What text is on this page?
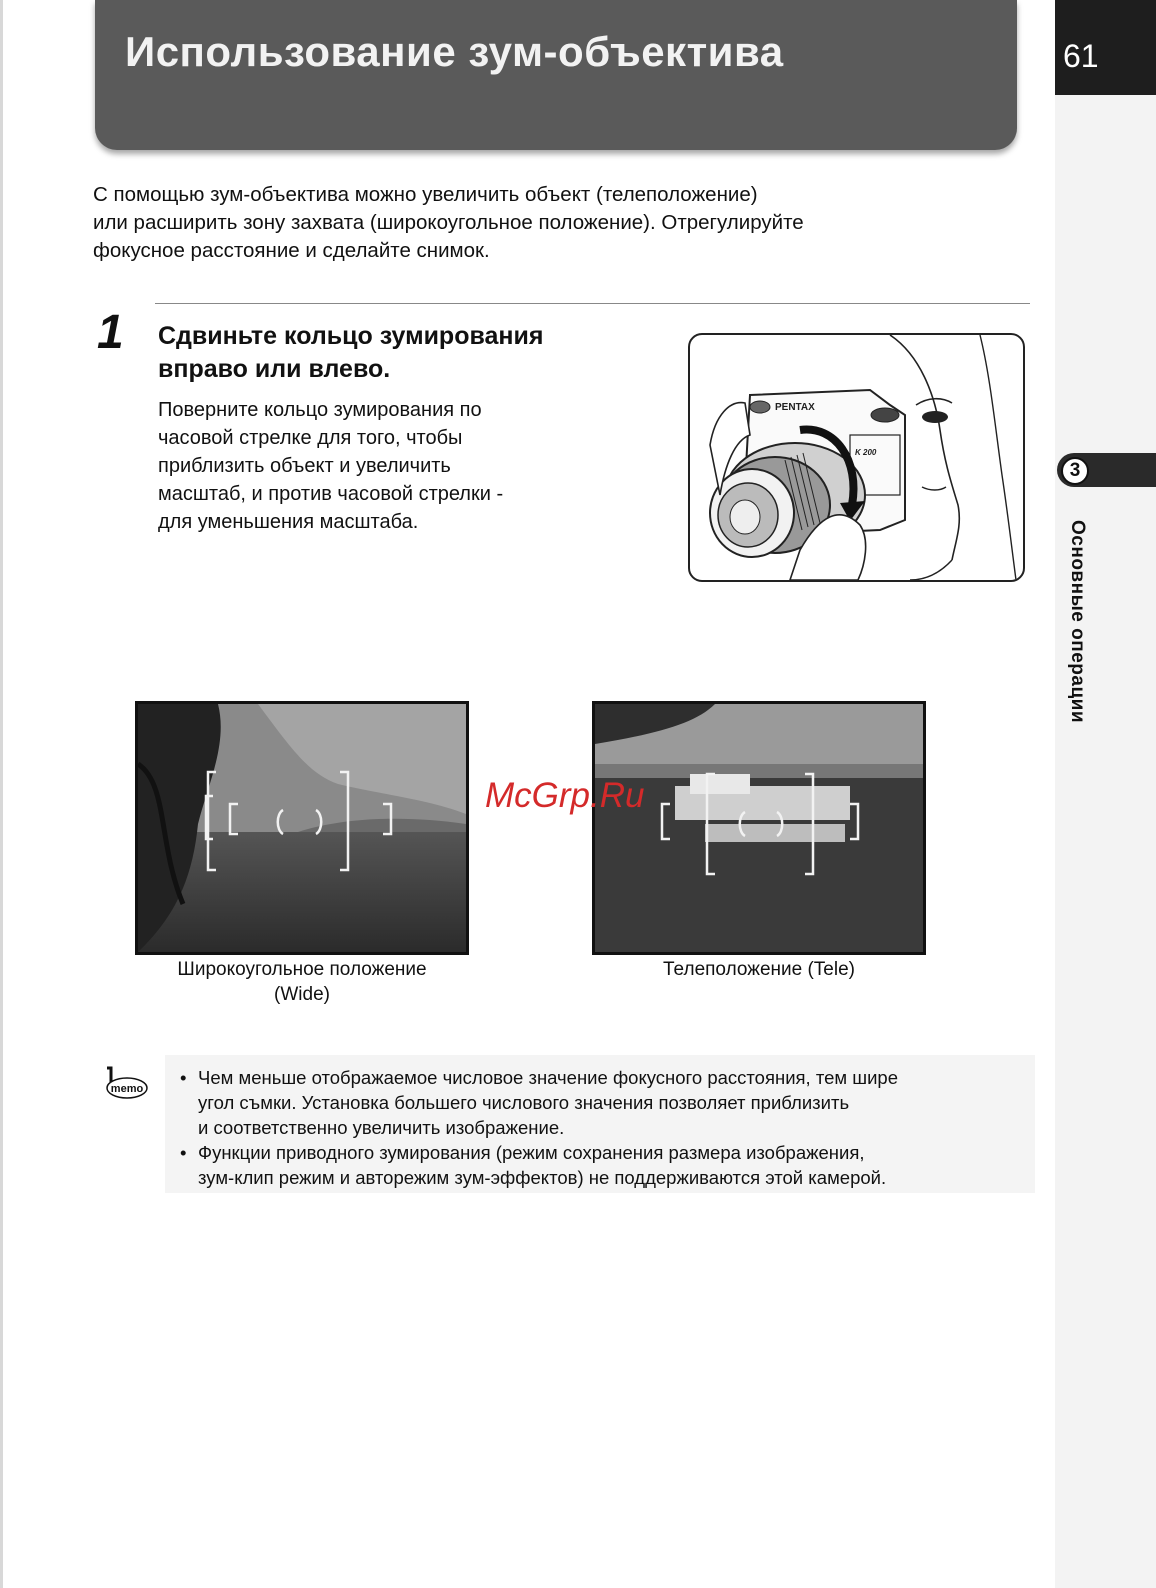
Использование зум-объектива	61
3
Основные операции
С помощью зум-объектива можно увеличить объект (телеположение)
или расширить зону захвата (широкоугольное положение). Отрегулируйте
фокусное расстояние и сделайте снимок.
1 Сдвиньте кольцо зумирования
вправо или влево.
Поверните кольцо зумирования по
часовой стрелке для того, чтобы
приблизить объект и увеличить
масштаб, и против часовой стрелки -
для уменьшения масштаба.
PENTAX
K 200
Широкоугольное положение
(Wide)
Телеположение (Tele)
McGrp.Ru
memo
• Чем меньше отображаемое числовое значение фокусного расстояния, тем шире
угол съмки. Установка большего числового значения позволяет приблизить
и соответственно увеличить изображение.
• Функции приводного зумирования (режим сохранения размера изображения,
зум-клип режим и авторежим зум-эффектов) не поддерживаются этой камерой.
